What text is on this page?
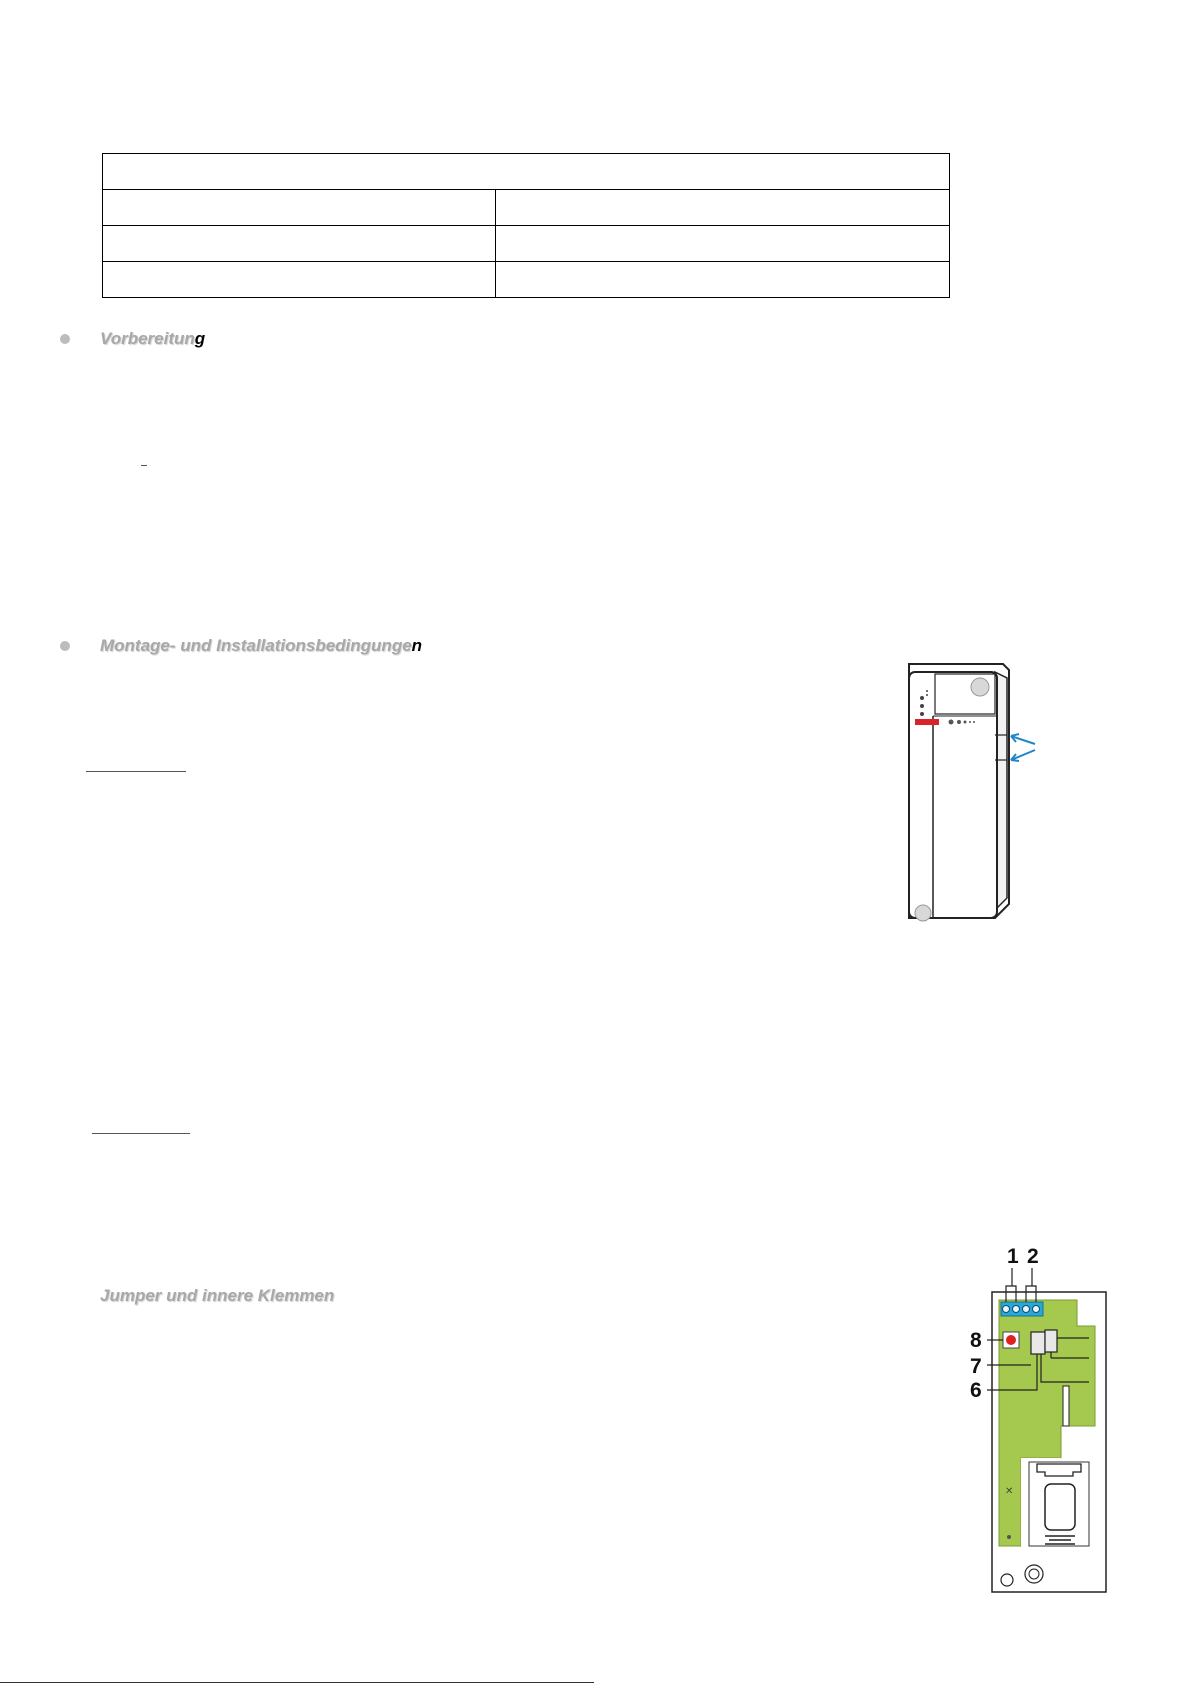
Vorbereitung
Montage- und Installationsbedingungen
Jumper und innere Klemmen
1 2
6
7
8
✕
